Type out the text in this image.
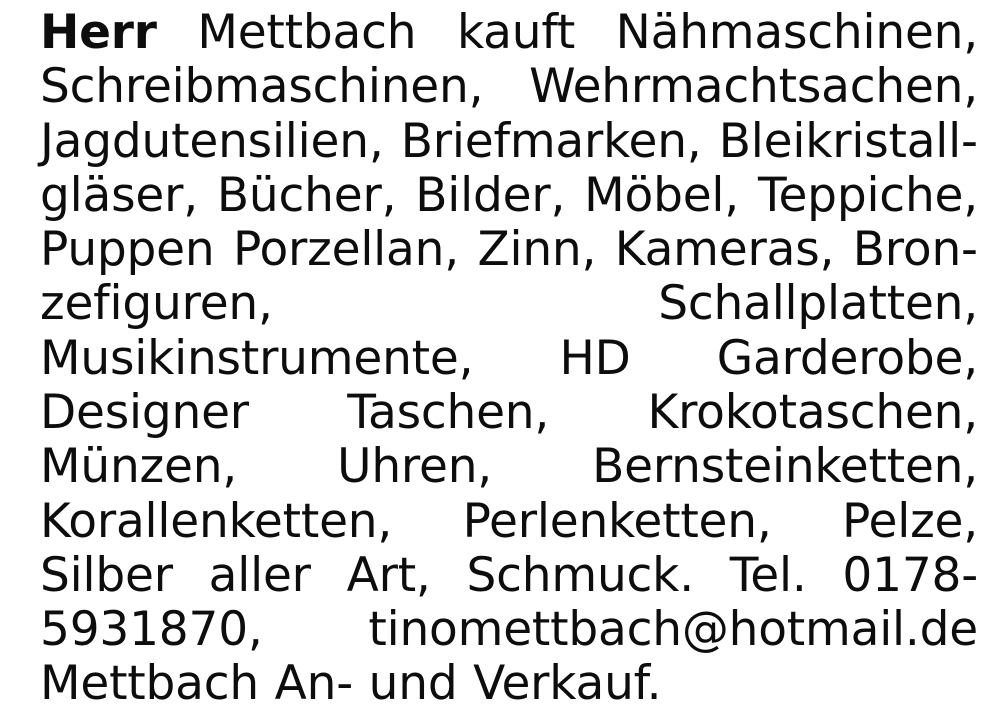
Herr Mettbach kauft Nähmaschinen, Schreibmaschinen, Wehrmachtsachen, Jagdutensilien, Briefmarken, Bleikristallgläser, Bücher, Bilder, Möbel, Teppiche, Puppen Porzellan, Zinn, Kameras, Bronzefiguren, Schallplatten, Musikinstrumente, HD Garderobe, Designer Taschen, Krokotaschen, Münzen, Uhren, Bernsteinketten, Korallenketten, Perlenketten, Pelze, Silber aller Art, Schmuck. Tel. 0178-5931870, tinomettbach@hotmail.de Mettbach An- und Verkauf.
